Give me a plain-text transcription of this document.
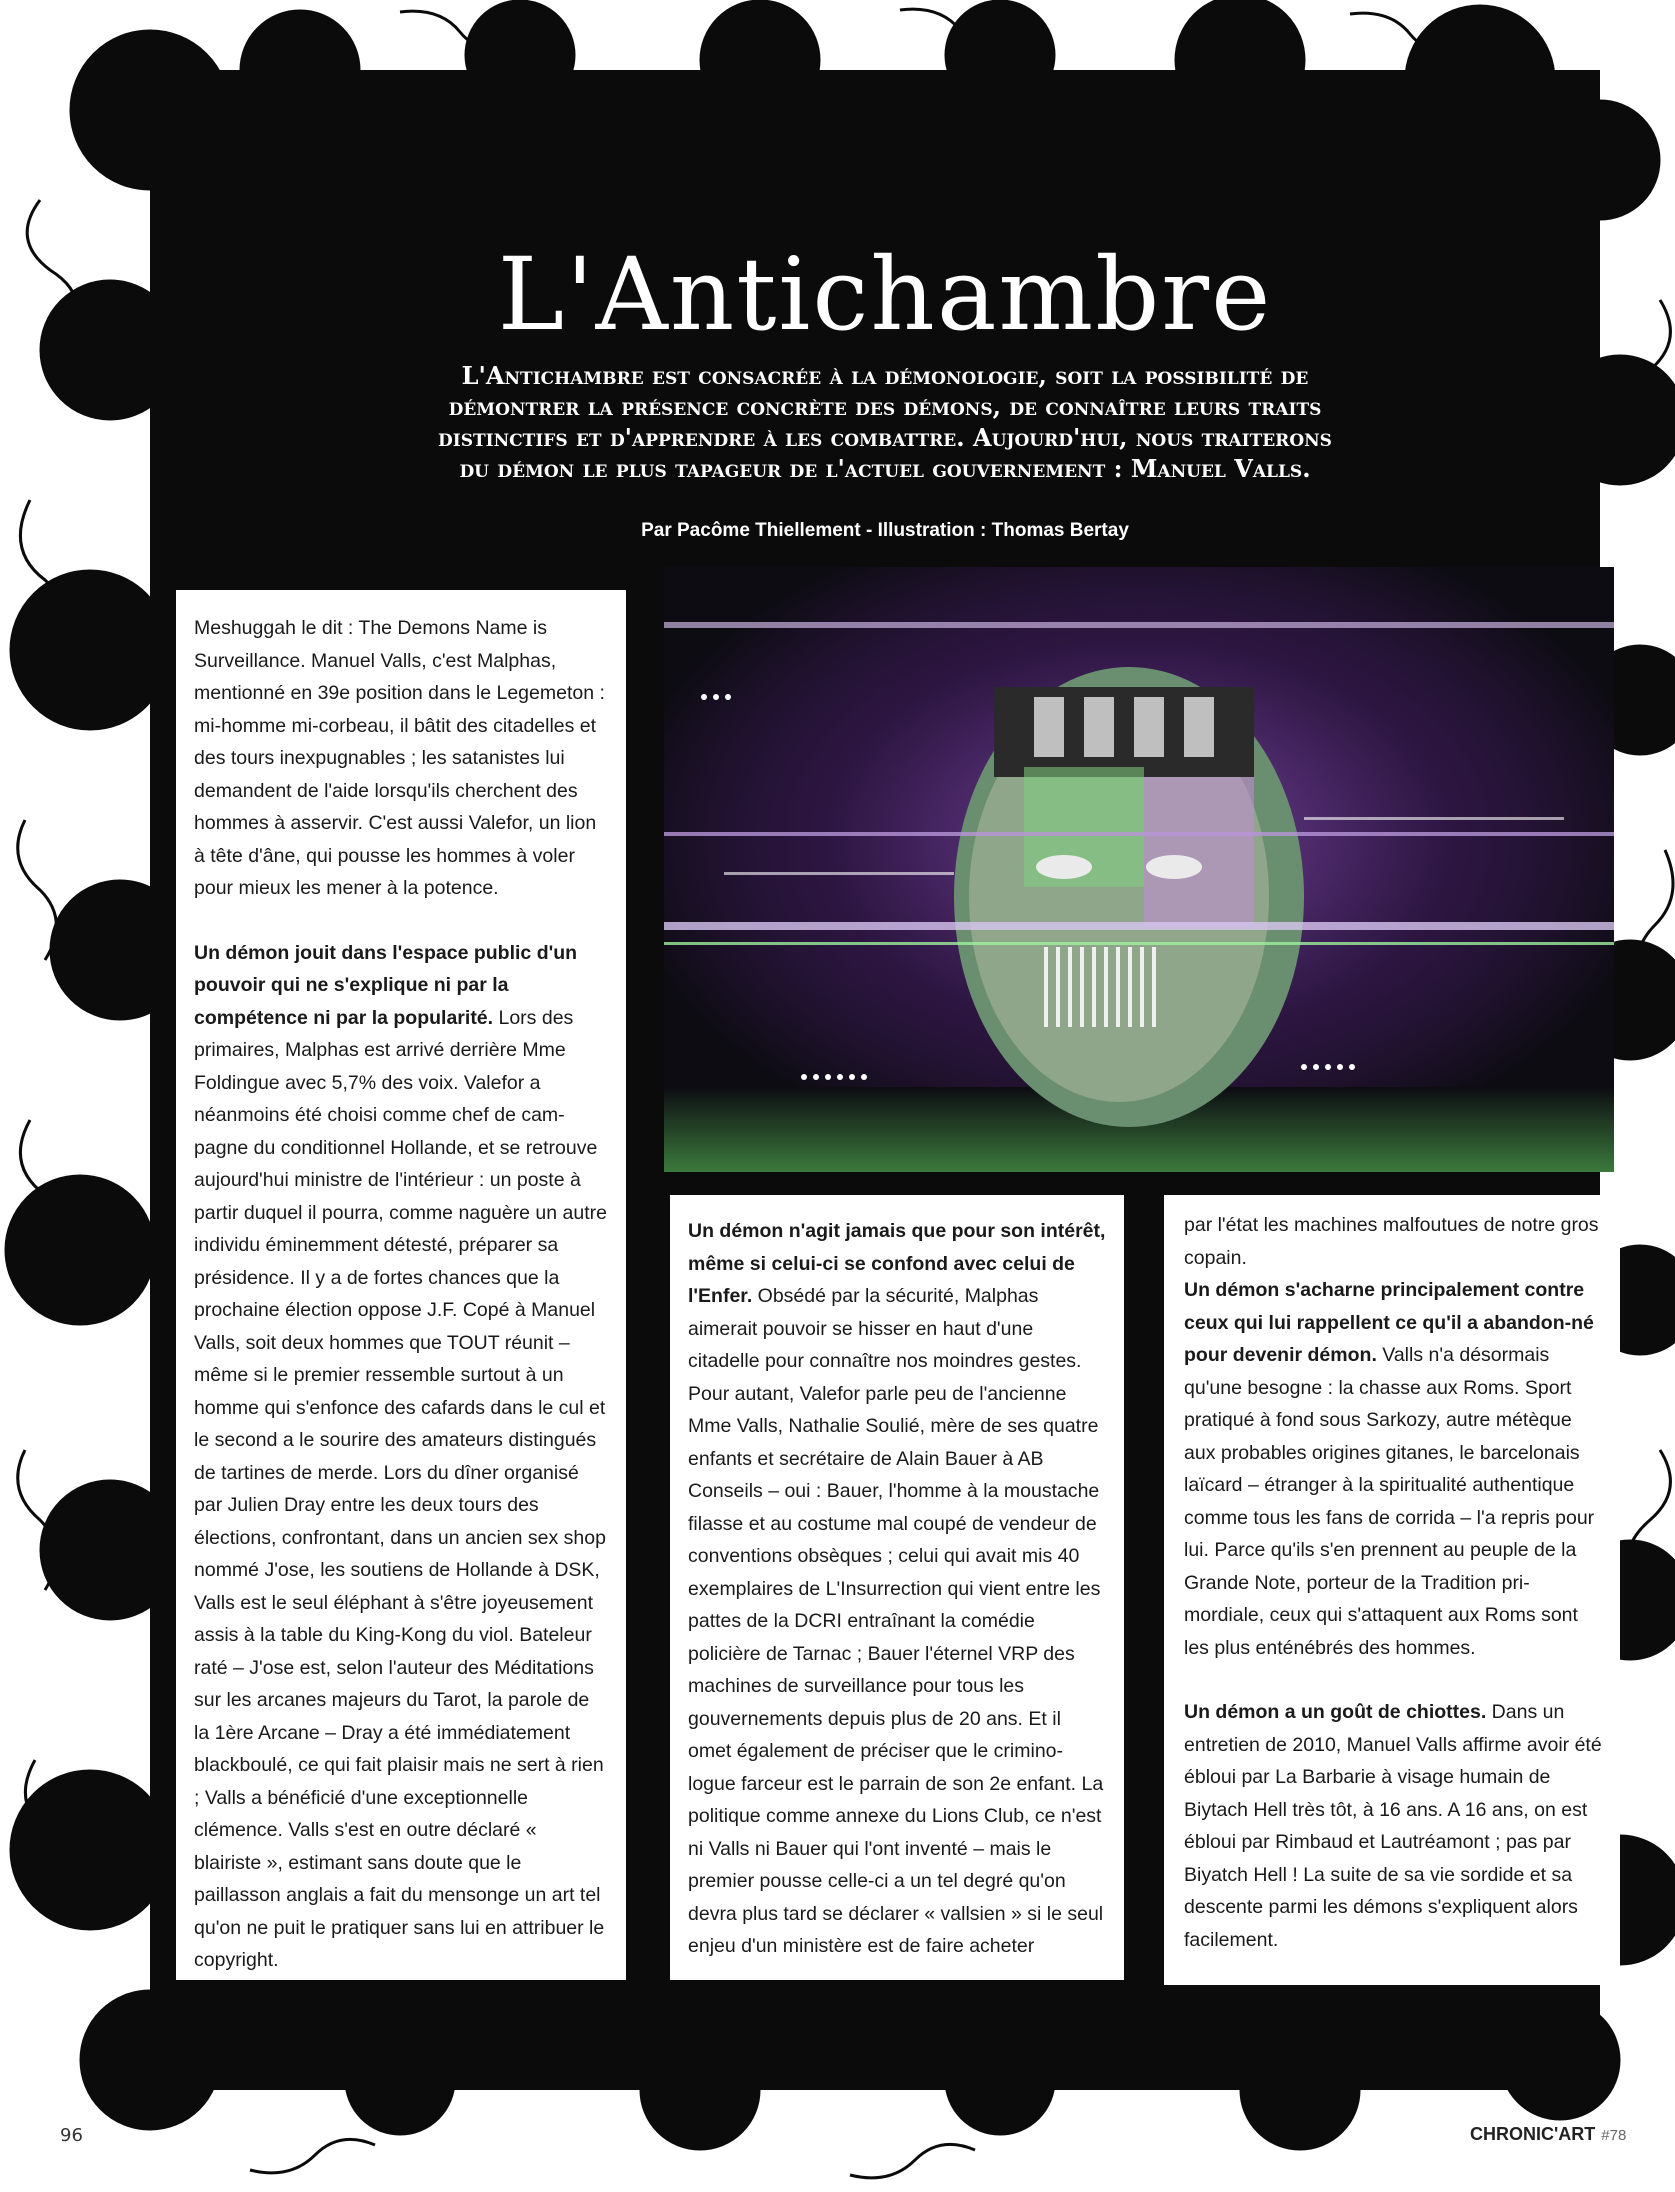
L'Antichambre

L'Antichambre est consacrée à la démonologie, soit la possibilité de démontrer la présence concrète des démons, de connaître leurs traits distinctifs et d'apprendre à les combattre. Aujourd'hui, nous traiterons du démon le plus tapageur de l'actuel gouvernement : Manuel Valls.

Par Pacôme Thiellement - Illustration : Thomas Bertay

Meshuggah le dit : The Demons Name is Surveillance. Manuel Valls, c'est Malphas, mentionné en 39e position dans le Legemeton : mi-homme mi-corbeau, il bâtit des citadelles et des tours inexpugnables ; les satanistes lui demandent de l'aide lorsqu'ils cherchent des hommes à asservir. C'est aussi Valefor, un lion à tête d'âne, qui pousse les hommes à voler pour mieux les mener à la potence.

Un démon jouit dans l'espace public d'un pouvoir qui ne s'explique ni par la compétence ni par la popularité. Lors des primaires, Malphas est arrivé derrière Mme Foldingue avec 5,7% des voix. Valefor a néanmoins été choisi comme chef de cam-pagne du conditionnel Hollande, et se retrouve aujourd'hui ministre de l'intérieur : un poste à partir duquel il pourra, comme naguère un autre individu éminemment détesté, préparer sa présidence. Il y a de fortes chances que la prochaine élection oppose J.F. Copé à Manuel Valls, soit deux hommes que TOUT réunit – même si le premier ressemble surtout à un homme qui s'enfonce des cafards dans le cul et le second a le sourire des amateurs distingués de tartines de merde. Lors du dîner organisé par Julien Dray entre les deux tours des élections, confrontant, dans un ancien sex shop nommé J'ose, les soutiens de Hollande à DSK, Valls est le seul éléphant à s'être joyeusement assis à la table du King-Kong du viol. Bateleur raté – J'ose est, selon l'auteur des Méditations sur les arcanes majeurs du Tarot, la parole de la 1ère Arcane – Dray a été immédiatement blackboulé, ce qui fait plaisir mais ne sert à rien ; Valls a bénéficié d'une exceptionnelle clémence. Valls s'est en outre déclaré « blairiste », estimant sans doute que le paillasson anglais a fait du mensonge un art tel qu'on ne puit le pratiquer sans lui en attribuer le copyright.

Un démon n'agit jamais que pour son intérêt, même si celui-ci se confond avec celui de l'Enfer. Obsédé par la sécurité, Malphas aimerait pouvoir se hisser en haut d'une citadelle pour connaître nos moindres gestes. Pour autant, Valefor parle peu de l'ancienne Mme Valls, Nathalie Soulié, mère de ses quatre enfants et secrétaire de Alain Bauer à AB Conseils – oui : Bauer, l'homme à la moustache filasse et au costume mal coupé de vendeur de conventions obsèques ; celui qui avait mis 40 exemplaires de L'Insurrection qui vient entre les pattes de la DCRI entraînant la comédie policière de Tarnac ; Bauer l'éternel VRP des machines de surveillance pour tous les gouvernements depuis plus de 20 ans. Et il omet également de préciser que le crimino-logue farceur est le parrain de son 2e enfant. La politique comme annexe du Lions Club, ce n'est ni Valls ni Bauer qui l'ont inventé – mais le premier pousse celle-ci a un tel degré qu'on devra plus tard se déclarer « vallsien » si le seul enjeu d'un ministère est de faire acheter

par l'état les machines malfoutues de notre gros copain.

Un démon s'acharne principalement contre ceux qui lui rappellent ce qu'il a abandon-né pour devenir démon. Valls n'a désormais qu'une besogne : la chasse aux Roms. Sport pratiqué à fond sous Sarkozy, autre métèque aux probables origines gitanes, le barcelonais laïcard – étranger à la spiritualité authentique comme tous les fans de corrida – l'a repris pour lui. Parce qu'ils s'en prennent au peuple de la Grande Note, porteur de la Tradition pri-mordiale, ceux qui s'attaquent aux Roms sont les plus enténébrés des hommes.

Un démon a un goût de chiottes. Dans un entretien de 2010, Manuel Valls affirme avoir été ébloui par La Barbarie à visage humain de Biytach Hell très tôt, à 16 ans. A 16 ans, on est ébloui par Rimbaud et Lautréamont ; pas par Biyatch Hell ! La suite de sa vie sordide et sa descente parmi les démons s'expliquent alors facilement.

96	CHRONIC'ART #78
